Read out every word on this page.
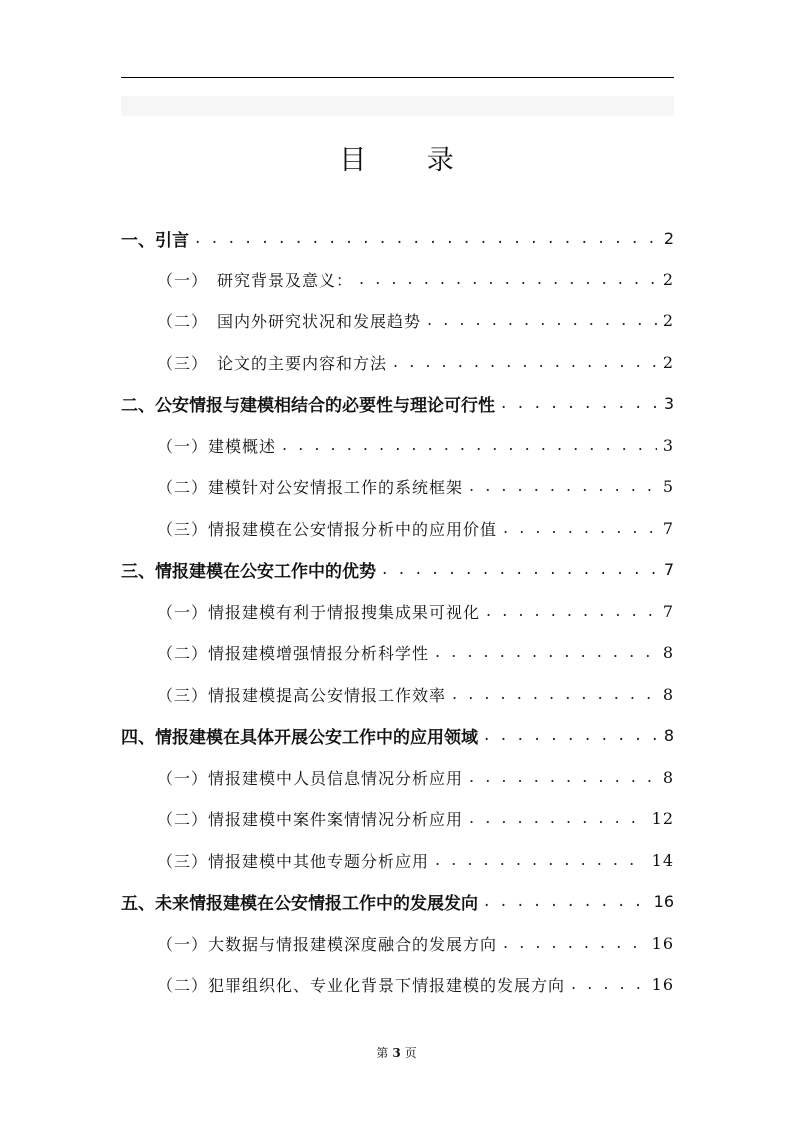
目 录
一、引言 . . .	2
（一）　研究背景及意义： . . .	2
（二）　国内外研究状况和发展趋势 . . .	2
（三）　论文的主要内容和方法 . . .	2
二、公安情报与建模相结合的必要性与理论可行性 . . .	3
（一）建模概述 . . .	3
（二）建模针对公安情报工作的系统框架 . . .	5
（三）情报建模在公安情报分析中的应用价值 . . .	7
三、情报建模在公安工作中的优势 . . .	7
（一）情报建模有利于情报搜集成果可视化 . . .	7
（二）情报建模增强情报分析科学性 . . .	8
（三）情报建模提高公安情报工作效率 . . .	8
四、情报建模在具体开展公安工作中的应用领域 . . .	8
（一）情报建模中人员信息情况分析应用 . . .	8
（二）情报建模中案件案情情况分析应用 . . .	12
（三）情报建模中其他专题分析应用 . . .	14
五、未来情报建模在公安情报工作中的发展发向 . . .	16
（一）大数据与情报建模深度融合的发展方向 . . .	16
（二）犯罪组织化、专业化背景下情报建模的发展方向 . . .	16
第 3 页
